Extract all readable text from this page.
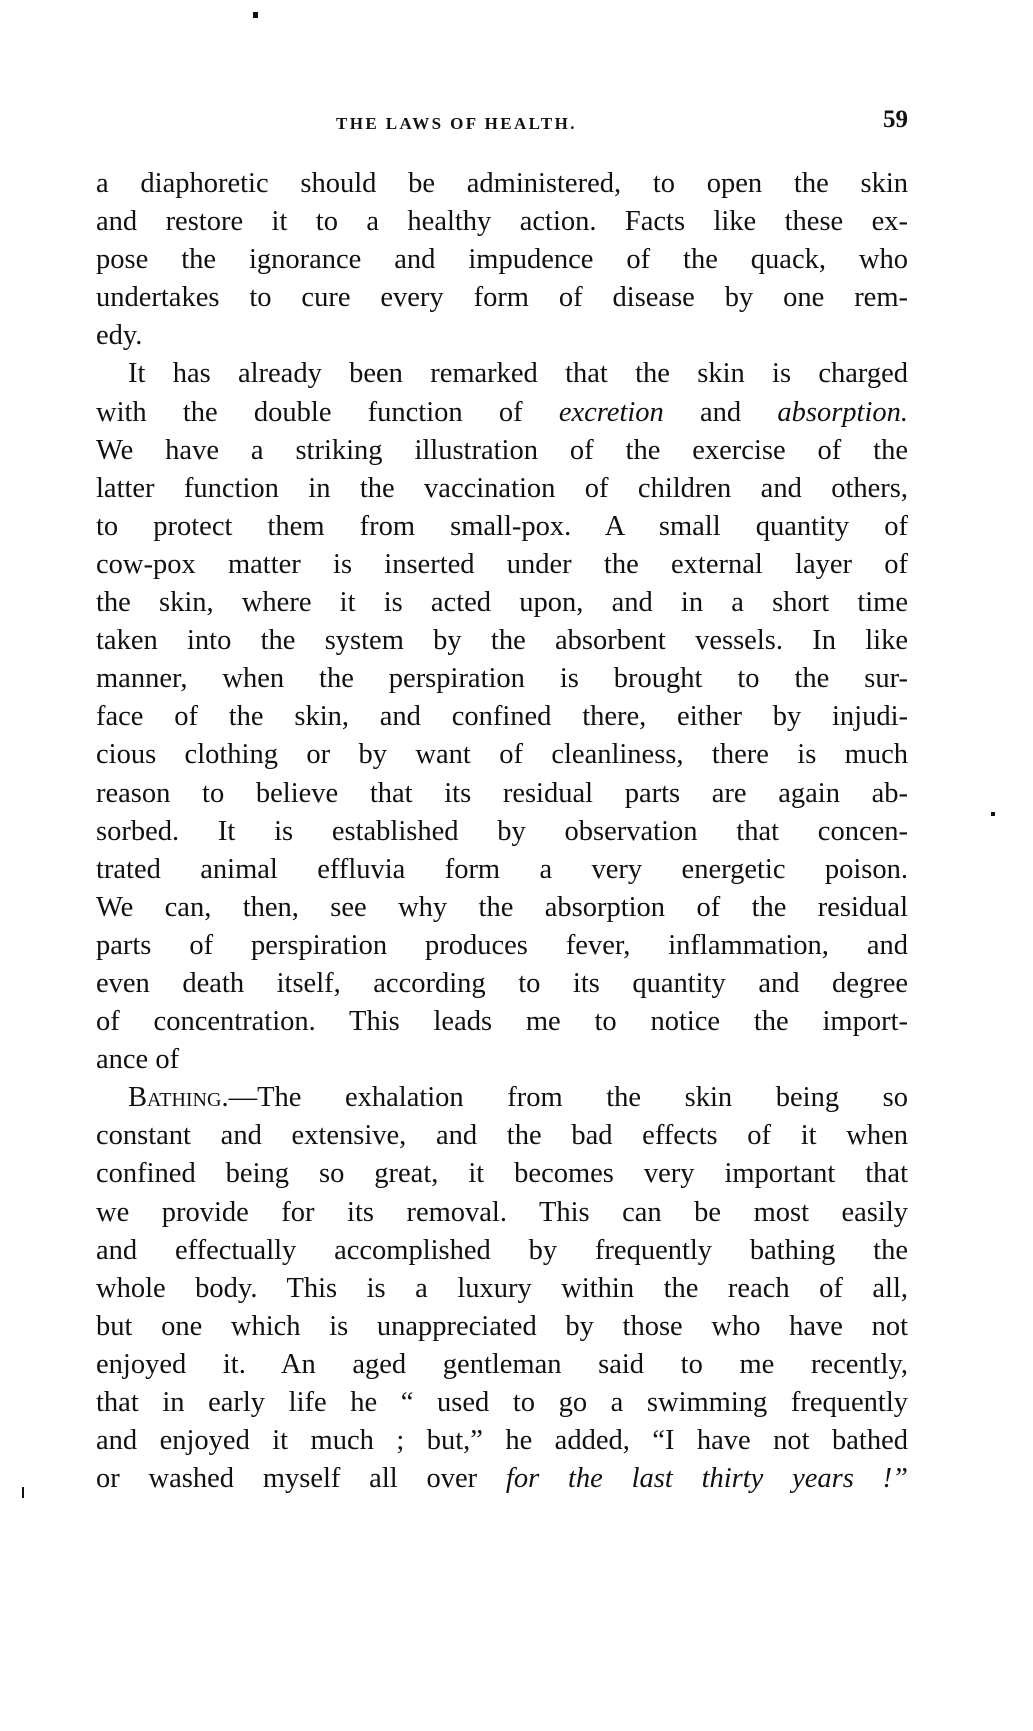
THE LAWS OF HEALTH.	59
a diaphoretic should be administered, to open the skin
and restore it to a healthy action. Facts like these ex-
pose the ignorance and impudence of the quack, who
undertakes to cure every form of disease by one rem-
edy.
It has already been remarked that the skin is charged
with the double function of excretion and absorption.
We have a striking illustration of the exercise of the
latter function in the vaccination of children and others,
to protect them from small-pox. A small quantity of
cow-pox matter is inserted under the external layer of
the skin, where it is acted upon, and in a short time
taken into the system by the absorbent vessels. In like
manner, when the perspiration is brought to the sur-
face of the skin, and confined there, either by injudi-
cious clothing or by want of cleanliness, there is much
reason to believe that its residual parts are again ab-
sorbed. It is established by observation that concen-
trated animal effluvia form a very energetic poison.
We can, then, see why the absorption of the residual
parts of perspiration produces fever, inflammation, and
even death itself, according to its quantity and degree
of concentration. This leads me to notice the import-
ance of
Bathing.—The exhalation from the skin being so
constant and extensive, and the bad effects of it when
confined being so great, it becomes very important that
we provide for its removal. This can be most easily
and effectually accomplished by frequently bathing the
whole body. This is a luxury within the reach of all,
but one which is unappreciated by those who have not
enjoyed it. An aged gentleman said to me recently,
that in early life he “ used to go a swimming frequently
and enjoyed it much ; but,” he added, “I have not bathed
or washed myself all over for the last thirty years !”
